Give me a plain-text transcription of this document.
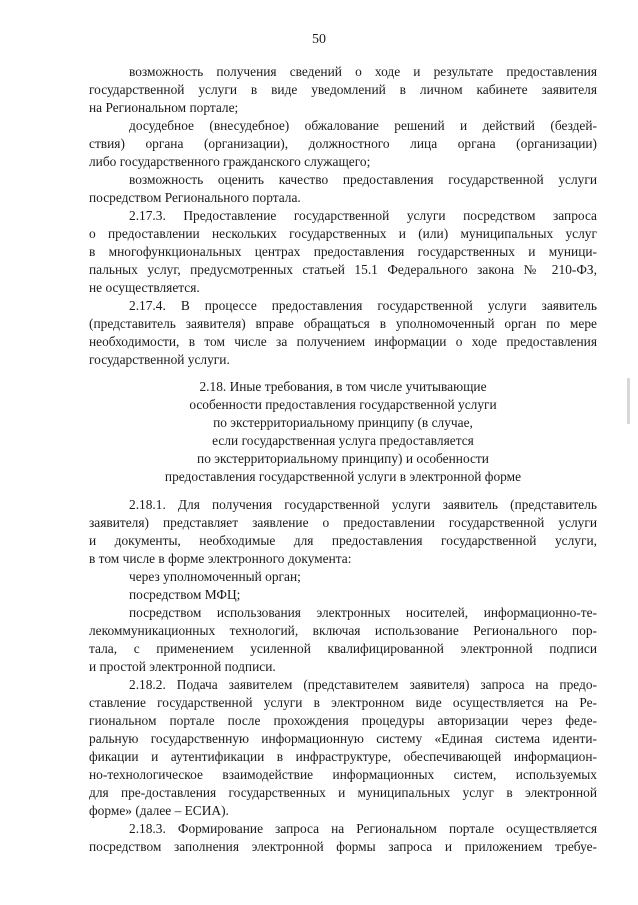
50
возможность получения сведений о ходе и результате предоставления
государственной услуги в виде уведомлений в личном кабинете заявителя
на Региональном портале;
досудебное (внесудебное) обжалование решений и действий (бездей-
ствия) органа (организации), должностного лица органа (организации)
либо государственного гражданского служащего;
возможность оценить качество предоставления государственной услуги
посредством Регионального портала.
2.17.3. Предоставление государственной услуги посредством запроса
о предоставлении нескольких государственных и (или) муниципальных услуг
в многофункциональных центрах предоставления государственных и муници-
пальных услуг, предусмотренных статьей 15.1 Федерального закона № 210-ФЗ,
не осуществляется.
2.17.4. В процессе предоставления государственной услуги заявитель
(представитель заявителя) вправе обращаться в уполномоченный орган по мере
необходимости, в том числе за получением информации о ходе предоставления
государственной услуги.
2.18. Иные требования, в том числе учитывающие
особенности предоставления государственной услуги
по экстерриториальному принципу (в случае,
если государственная услуга предоставляется
по экстерриториальному принципу) и особенности
предоставления государственной услуги в электронной форме
2.18.1. Для получения государственной услуги заявитель (представитель
заявителя) представляет заявление о предоставлении государственной услуги
и документы, необходимые для предоставления государственной услуги,
в том числе в форме электронного документа:
через уполномоченный орган;
посредством МФЦ;
посредством использования электронных носителей, информационно-те-
лекоммуникационных технологий, включая использование Регионального пор-
тала, с применением усиленной квалифицированной электронной подписи
и простой электронной подписи.
2.18.2. Подача заявителем (представителем заявителя) запроса на предо-
ставление государственной услуги в электронном виде осуществляется на Ре-
гиональном портале после прохождения процедуры авторизации через феде-
ральную государственную информационную систему «Единая система иденти-
фикации и аутентификации в инфраструктуре, обеспечивающей информацион-
но-технологическое взаимодействие информационных систем, используемых
для пре-доставления государственных и муниципальных услуг в электронной
форме» (далее – ЕСИА).
2.18.3. Формирование запроса на Региональном портале осуществляется
посредством заполнения электронной формы запроса и приложением требуе-
